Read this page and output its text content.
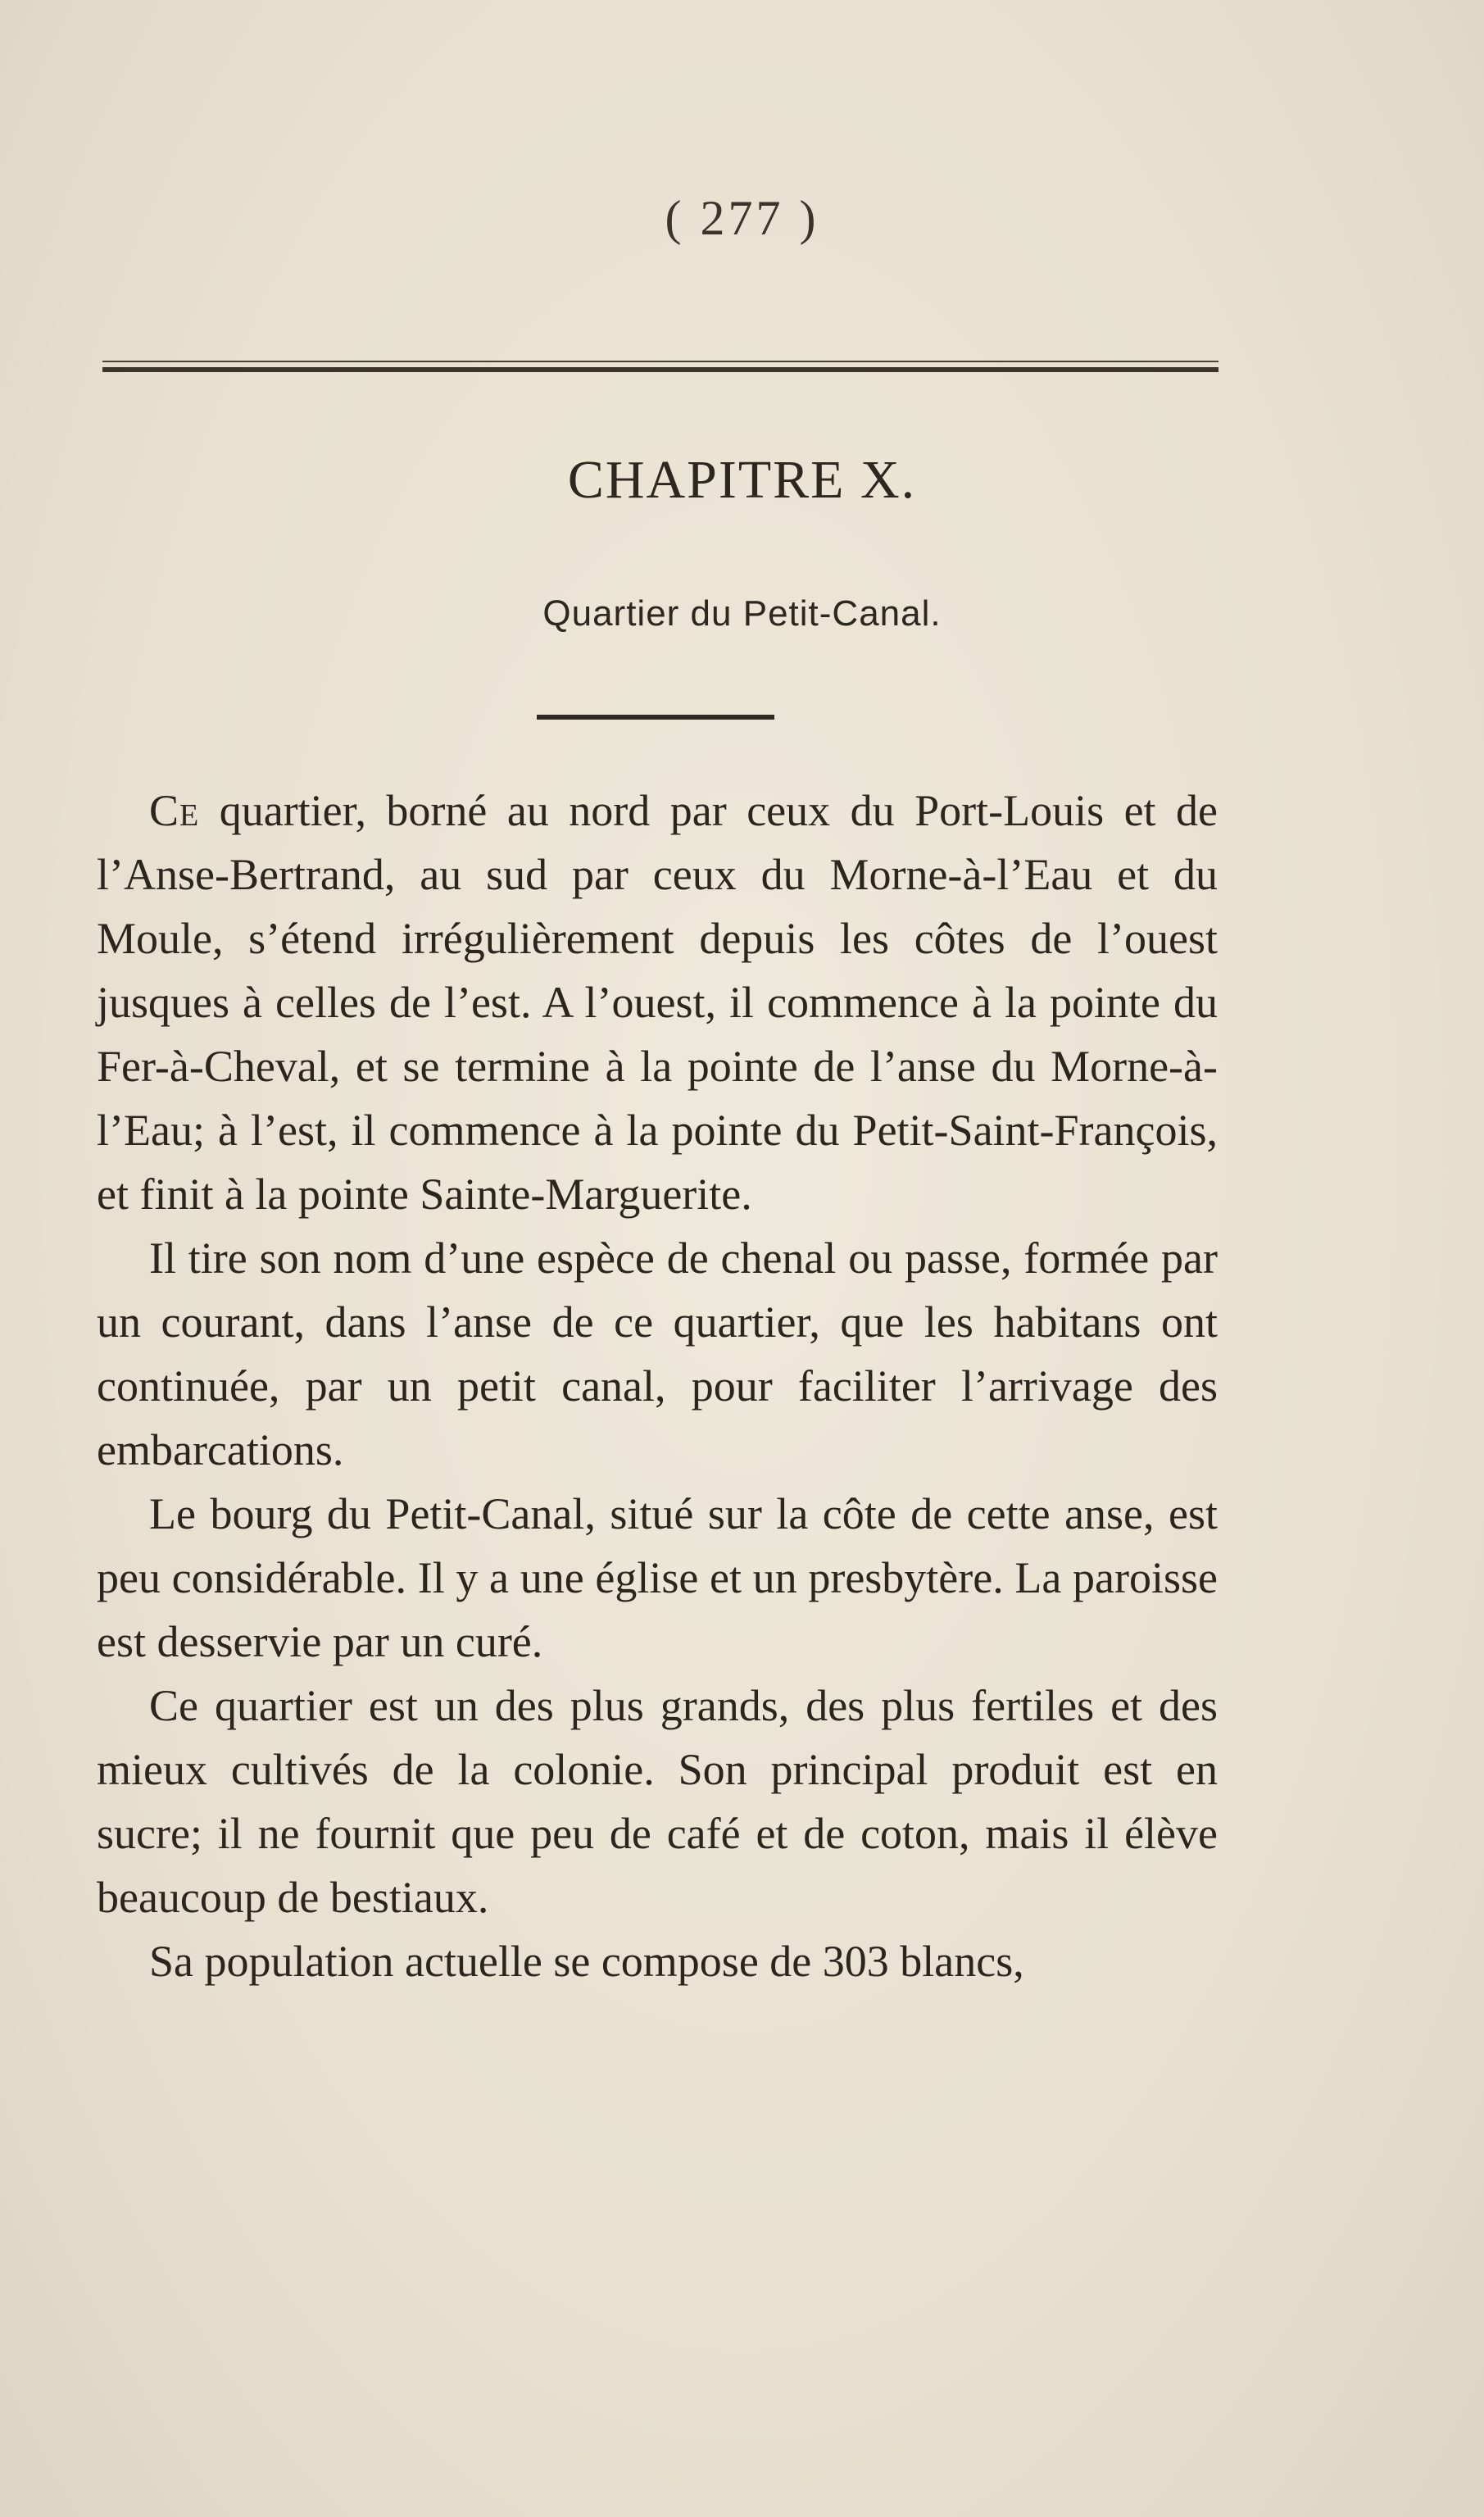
( 277 )
CHAPITRE X.
Quartier du Petit-Canal.

Ce quartier, borné au nord par ceux du Port-Louis et de l’Anse-Bertrand, au sud par ceux du Morne-à-l’Eau et du Moule, s’étend irrégulièrement depuis les côtes de l’ouest jusques à celles de l’est. A l’ouest, il commence à la pointe du Fer-à-Cheval, et se termine à la pointe de l’anse du Morne-à-l’Eau; à l’est, il commence à la pointe du Petit-Saint-François, et finit à la pointe Sainte-Marguerite.

Il tire son nom d’une espèce de chenal ou passe, formée par un courant, dans l’anse de ce quartier, que les habitans ont continuée, par un petit canal, pour faciliter l’arrivage des embarcations.

Le bourg du Petit-Canal, situé sur la côte de cette anse, est peu considérable. Il y a une église et un presbytère. La paroisse est desservie par un curé.

Ce quartier est un des plus grands, des plus fertiles et des mieux cultivés de la colonie. Son principal produit est en sucre; il ne fournit que peu de café et de coton, mais il élève beaucoup de bestiaux.

Sa population actuelle se compose de 303 blancs,
